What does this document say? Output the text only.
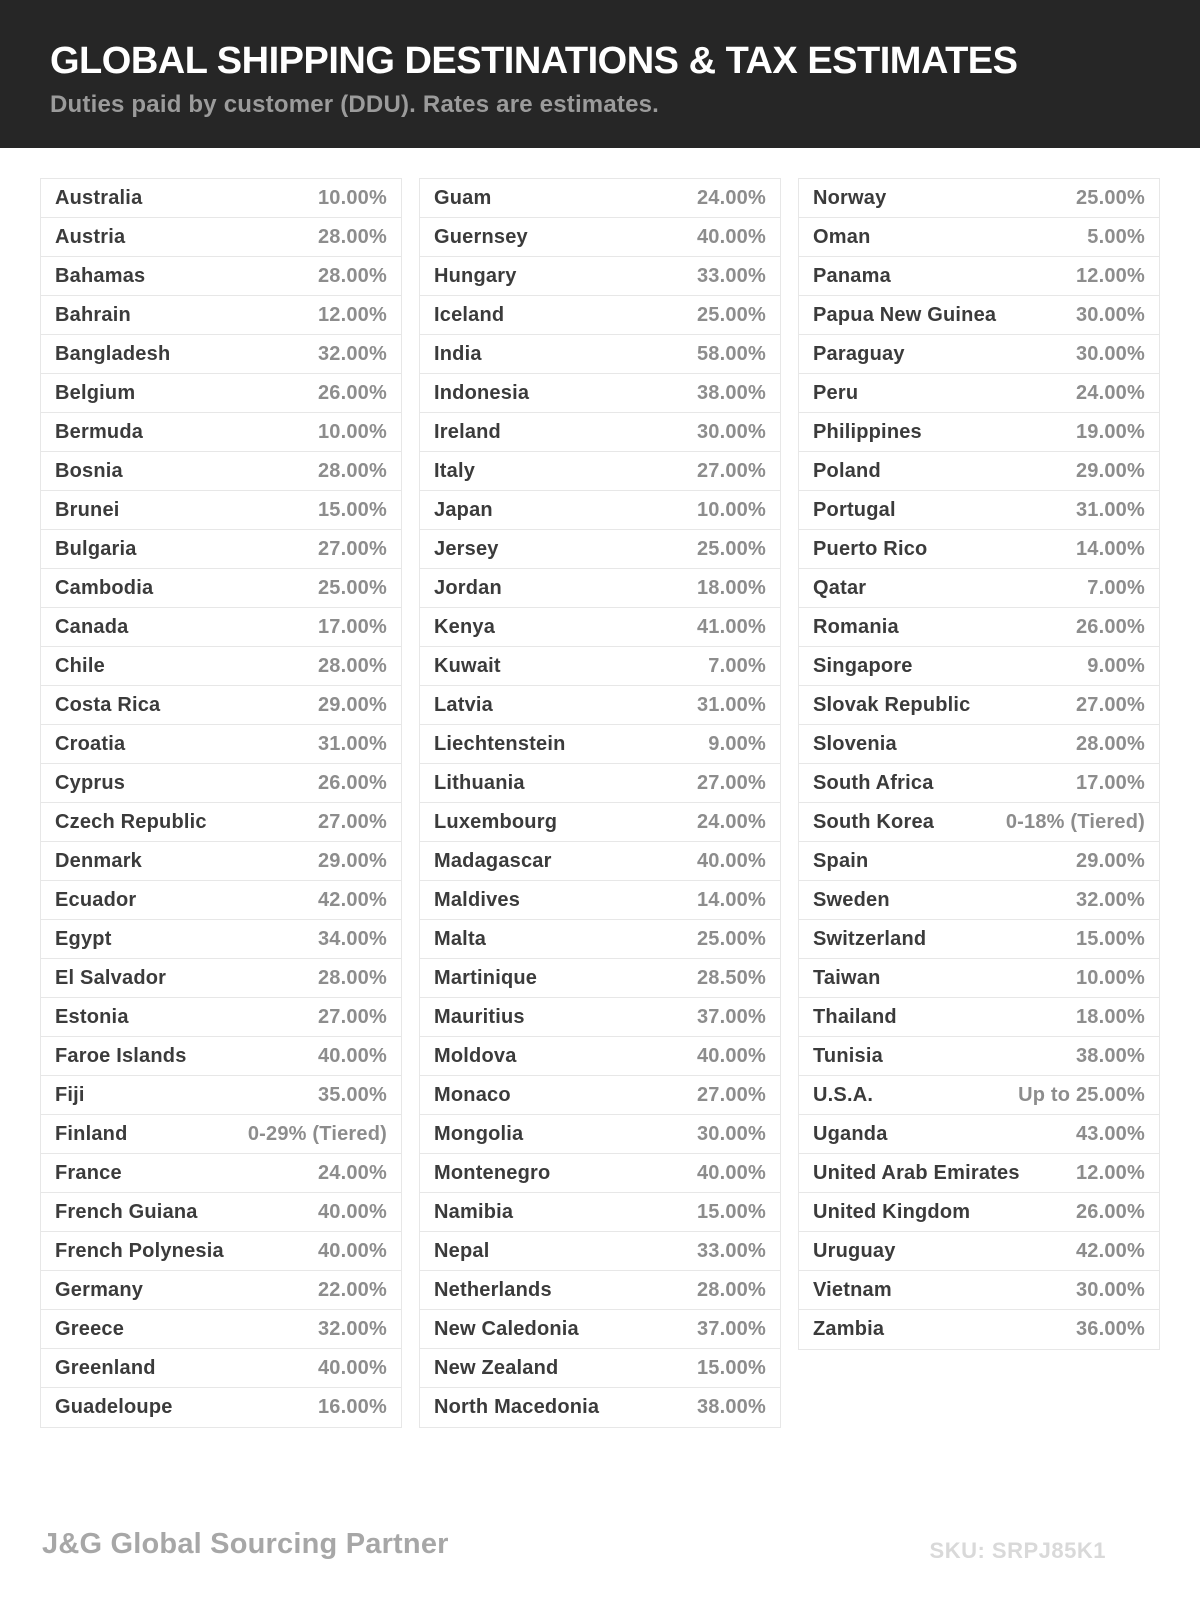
GLOBAL SHIPPING DESTINATIONS & TAX ESTIMATES
Duties paid by customer (DDU). Rates are estimates.
Australia	10.00%
Austria	28.00%
Bahamas	28.00%
Bahrain	12.00%
Bangladesh	32.00%
Belgium	26.00%
Bermuda	10.00%
Bosnia	28.00%
Brunei	15.00%
Bulgaria	27.00%
Cambodia	25.00%
Canada	17.00%
Chile	28.00%
Costa Rica	29.00%
Croatia	31.00%
Cyprus	26.00%
Czech Republic	27.00%
Denmark	29.00%
Ecuador	42.00%
Egypt	34.00%
El Salvador	28.00%
Estonia	27.00%
Faroe Islands	40.00%
Fiji	35.00%
Finland	0-29% (Tiered)
France	24.00%
French Guiana	40.00%
French Polynesia	40.00%
Germany	22.00%
Greece	32.00%
Greenland	40.00%
Guadeloupe	16.00%
Guam	24.00%
Guernsey	40.00%
Hungary	33.00%
Iceland	25.00%
India	58.00%
Indonesia	38.00%
Ireland	30.00%
Italy	27.00%
Japan	10.00%
Jersey	25.00%
Jordan	18.00%
Kenya	41.00%
Kuwait	7.00%
Latvia	31.00%
Liechtenstein	9.00%
Lithuania	27.00%
Luxembourg	24.00%
Madagascar	40.00%
Maldives	14.00%
Malta	25.00%
Martinique	28.50%
Mauritius	37.00%
Moldova	40.00%
Monaco	27.00%
Mongolia	30.00%
Montenegro	40.00%
Namibia	15.00%
Nepal	33.00%
Netherlands	28.00%
New Caledonia	37.00%
New Zealand	15.00%
North Macedonia	38.00%
Norway	25.00%
Oman	5.00%
Panama	12.00%
Papua New Guinea	30.00%
Paraguay	30.00%
Peru	24.00%
Philippines	19.00%
Poland	29.00%
Portugal	31.00%
Puerto Rico	14.00%
Qatar	7.00%
Romania	26.00%
Singapore	9.00%
Slovak Republic	27.00%
Slovenia	28.00%
South Africa	17.00%
South Korea	0-18% (Tiered)
Spain	29.00%
Sweden	32.00%
Switzerland	15.00%
Taiwan	10.00%
Thailand	18.00%
Tunisia	38.00%
U.S.A.	Up to 25.00%
Uganda	43.00%
United Arab Emirates	12.00%
United Kingdom	26.00%
Uruguay	42.00%
Vietnam	30.00%
Zambia	36.00%
J&G Global Sourcing Partner	SKU: SRPJ85K1
